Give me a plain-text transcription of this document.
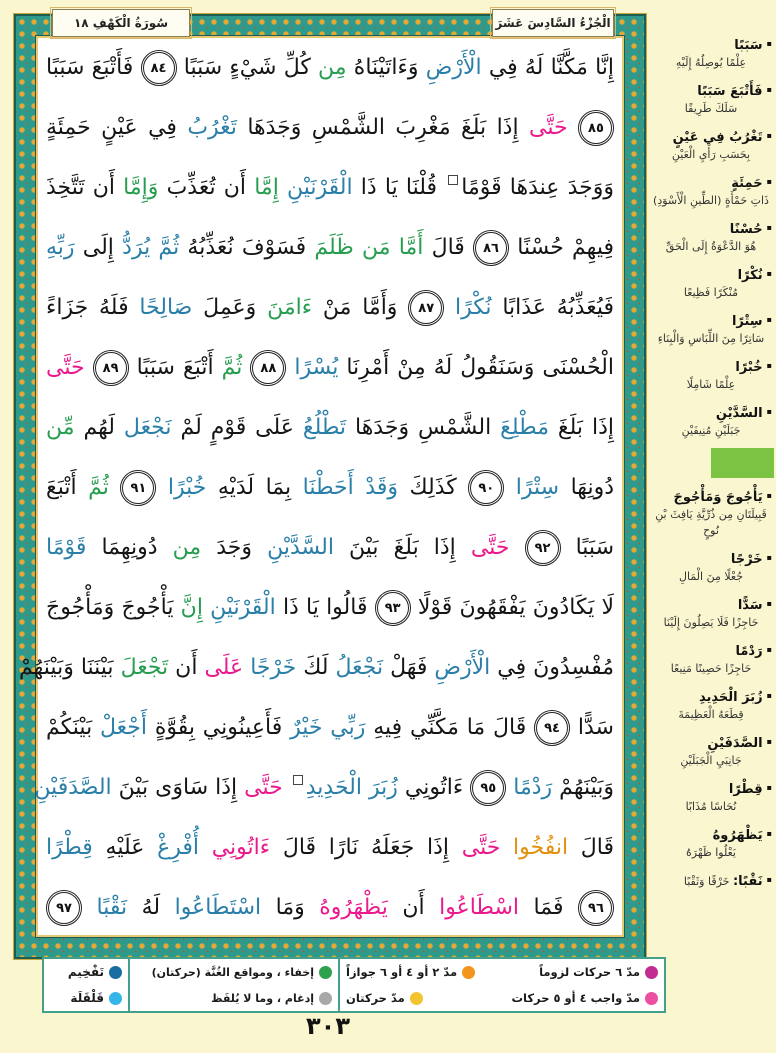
إِنَّا مَكَّنَّا لَهُ فِي الْأَرْضِ وَءَاتَيْنَاهُ مِن كُلِّ شَيْءٍ سَبَبًا ٨٤ فَأَتْبَعَ سَبَبًا
٨٥ حَتَّى إِذَا بَلَغَ مَغْرِبَ الشَّمْسِ وَجَدَهَا تَغْرُبُ فِي عَيْنٍ حَمِئَةٍ
وَوَجَدَ عِندَهَا قَوْمًا قُلْنَا يَا ذَا الْقَرْنَيْنِ إِمَّا أَن تُعَذِّبَ وَإِمَّا أَن تَتَّخِذَ
فِيهِمْ حُسْنًا ٨٦ قَالَ أَمَّا مَن ظَلَمَ فَسَوْفَ نُعَذِّبُهُ ثُمَّ يُرَدُّ إِلَى رَبِّهِ
فَيُعَذِّبُهُ عَذَابًا نُكْرًا ٨٧ وَأَمَّا مَنْ ءَامَنَ وَعَمِلَ صَالِحًا فَلَهُ جَزَاءً
الْحُسْنَى وَسَنَقُولُ لَهُ مِنْ أَمْرِنَا يُسْرًا ٨٨ ثُمَّ أَتْبَعَ سَبَبًا ٨٩ حَتَّى
إِذَا بَلَغَ مَطْلِعَ الشَّمْسِ وَجَدَهَا تَطْلُعُ عَلَى قَوْمٍ لَمْ نَجْعَل لَهُم مِّن
دُونِهَا سِتْرًا ٩٠ كَذَلِكَ وَقَدْ أَحَطْنَا بِمَا لَدَيْهِ خُبْرًا ٩١ ثُمَّ أَتْبَعَ
سَبَبًا ٩٢ حَتَّى إِذَا بَلَغَ بَيْنَ السَّدَّيْنِ وَجَدَ مِن دُونِهِمَا قَوْمًا
لَا يَكَادُونَ يَفْقَهُونَ قَوْلًا ٩٣ قَالُوا يَا ذَا الْقَرْنَيْنِ إِنَّ يَأْجُوجَ وَمَأْجُوجَ
مُفْسِدُونَ فِي الْأَرْضِ فَهَلْ نَجْعَلُ لَكَ خَرْجًا عَلَى أَن تَجْعَلَ بَيْنَنَا وَبَيْنَهُمْ
سَدًّا ٩٤ قَالَ مَا مَكَّنِّي فِيهِ رَبِّي خَيْرٌ فَأَعِينُونِي بِقُوَّةٍ أَجْعَلْ بَيْنَكُمْ
وَبَيْنَهُمْ رَدْمًا ٩٥ ءَاتُونِي زُبَرَ الْحَدِيدِ حَتَّى إِذَا سَاوَى بَيْنَ الصَّدَفَيْنِ
قَالَ انفُخُوا حَتَّى إِذَا جَعَلَهُ نَارًا قَالَ ءَاتُونِي أُفْرِغْ عَلَيْهِ قِطْرًا
٩٦ فَمَا اسْطَاعُوا أَن يَظْهَرُوهُ وَمَا اسْتَطَاعُوا لَهُ نَقْبًا ٩٧
سُورَةُ الْكَهْفِ ١٨	الْجُزْءُ السَّادِسَ عَشَرَ
▪سَبَبًا
عِلْمًا يُوصِلُهُ إِلَيْهِ
▪فَأَتْبَعَ سَبَبًا
سَلَكَ طَرِيقًا
▪تَغْرُبُ فِي عَيْنٍ
بِحَسَبِ رَأْيِ الْعَيْنِ
▪حَمِئَةٍ
ذَاتِ حَمْأَةٍ (الطِّينِ الْأَسْوَدِ)
▪حُسْنًا
هُوَ الدَّعْوَةُ إِلَى الْحَقِّ
▪نُكْرًا
مُنْكَرًا فَظِيعًا
▪سِتْرًا
سَاتِرًا مِنَ اللِّبَاسِ وَالْبِنَاءِ
▪خُبْرًا
عِلْمًا شَامِلًا
▪السَّدَّيْنِ
جَبَلَيْنِ مُنِيفَيْنِ
▪يَأْجُوجَ وَمَأْجُوجَ
قَبِيلَتَانِ مِن ذُرِّيَّةِ يَافِثَ بْنِ نُوحٍ
▪خَرْجًا
جُعْلًا مِنَ الْمَالِ
▪سَدًّا
حَاجِزًا فَلَا يَصِلُونَ إِلَيْنَا
▪رَدْمًا
حَاجِزًا حَصِينًا مَنِيعًا
▪زُبَرَ الْحَدِيدِ
قِطَعَهُ الْعَظِيمَةَ
▪الصَّدَفَيْنِ
جَانِبَيِ الْجَبَلَيْنِ
▪قِطْرًا
نُحَاسًا مُذَابًا
▪يَظْهَرُوهُ
يَعْلُوا ظَهْرَهُ
▪نَقْبًا: خَرْقًا وَثَقْبًا
تَفْخِيم
قَلْقَلَة
إخفاء ، ومواقع الغُنَّة (حركتان)
إدغام ، وما لا يُلفَظ
مدّ ٦ حركات لزوماً
مدّ ٢ أو ٤ أو ٦ جوازاً
مدّ واجب ٤ أو ٥ حركات
مدّ حركتان
٣٠٣
